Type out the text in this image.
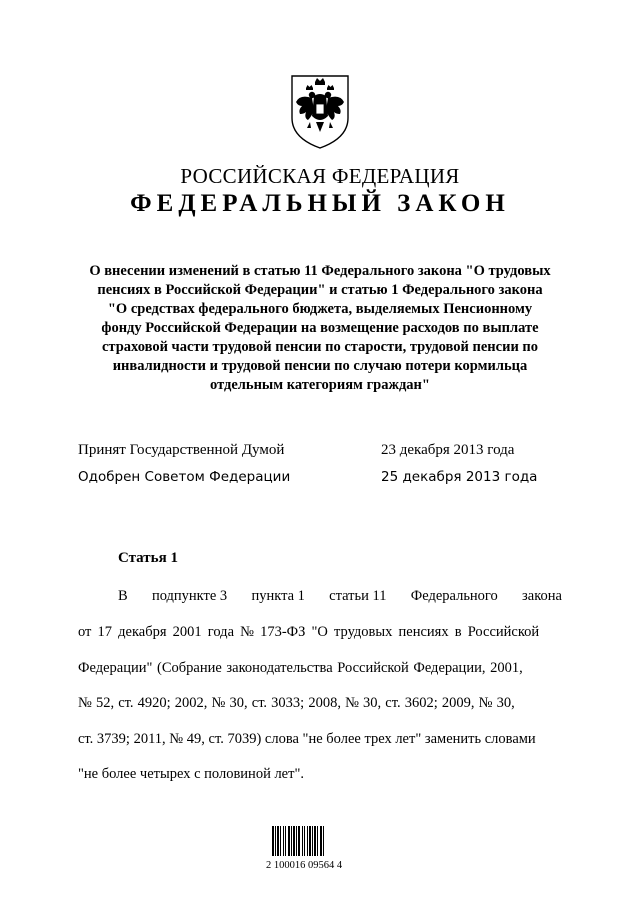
РОССИЙСКАЯ ФЕДЕРАЦИЯ
ФЕДЕРАЛЬНЫЙ ЗАКОН
О внесении изменений в статью 11 Федерального закона "О трудовых
пенсиях в Российской Федерации" и статью 1 Федерального закона
"О средствах федерального бюджета, выделяемых Пенсионному
фонду Российской Федерации на возмещение расходов по выплате
страховой части трудовой пенсии по старости, трудовой пенсии по
инвалидности и трудовой пенсии по случаю потери кормильца
отдельным категориям граждан"
Принят Государственной Думой	23 декабря 2013 года
Одобрен Советом Федерации	25 декабря 2013 года
Статья 1
В подпункте 3 пункта 1 статьи 11 Федерального закона
от 17 декабря 2001 года № 173-ФЗ "О трудовых пенсиях в Российской
Федерации" (Собрание законодательства Российской Федерации, 2001,
№ 52, ст. 4920; 2002, № 30, ст. 3033; 2008, № 30, ст. 3602; 2009, № 30,
ст. 3739; 2011, № 49, ст. 7039) слова "не более трех лет" заменить словами
"не более четырех с половиной лет".
2 100016 09564 4
